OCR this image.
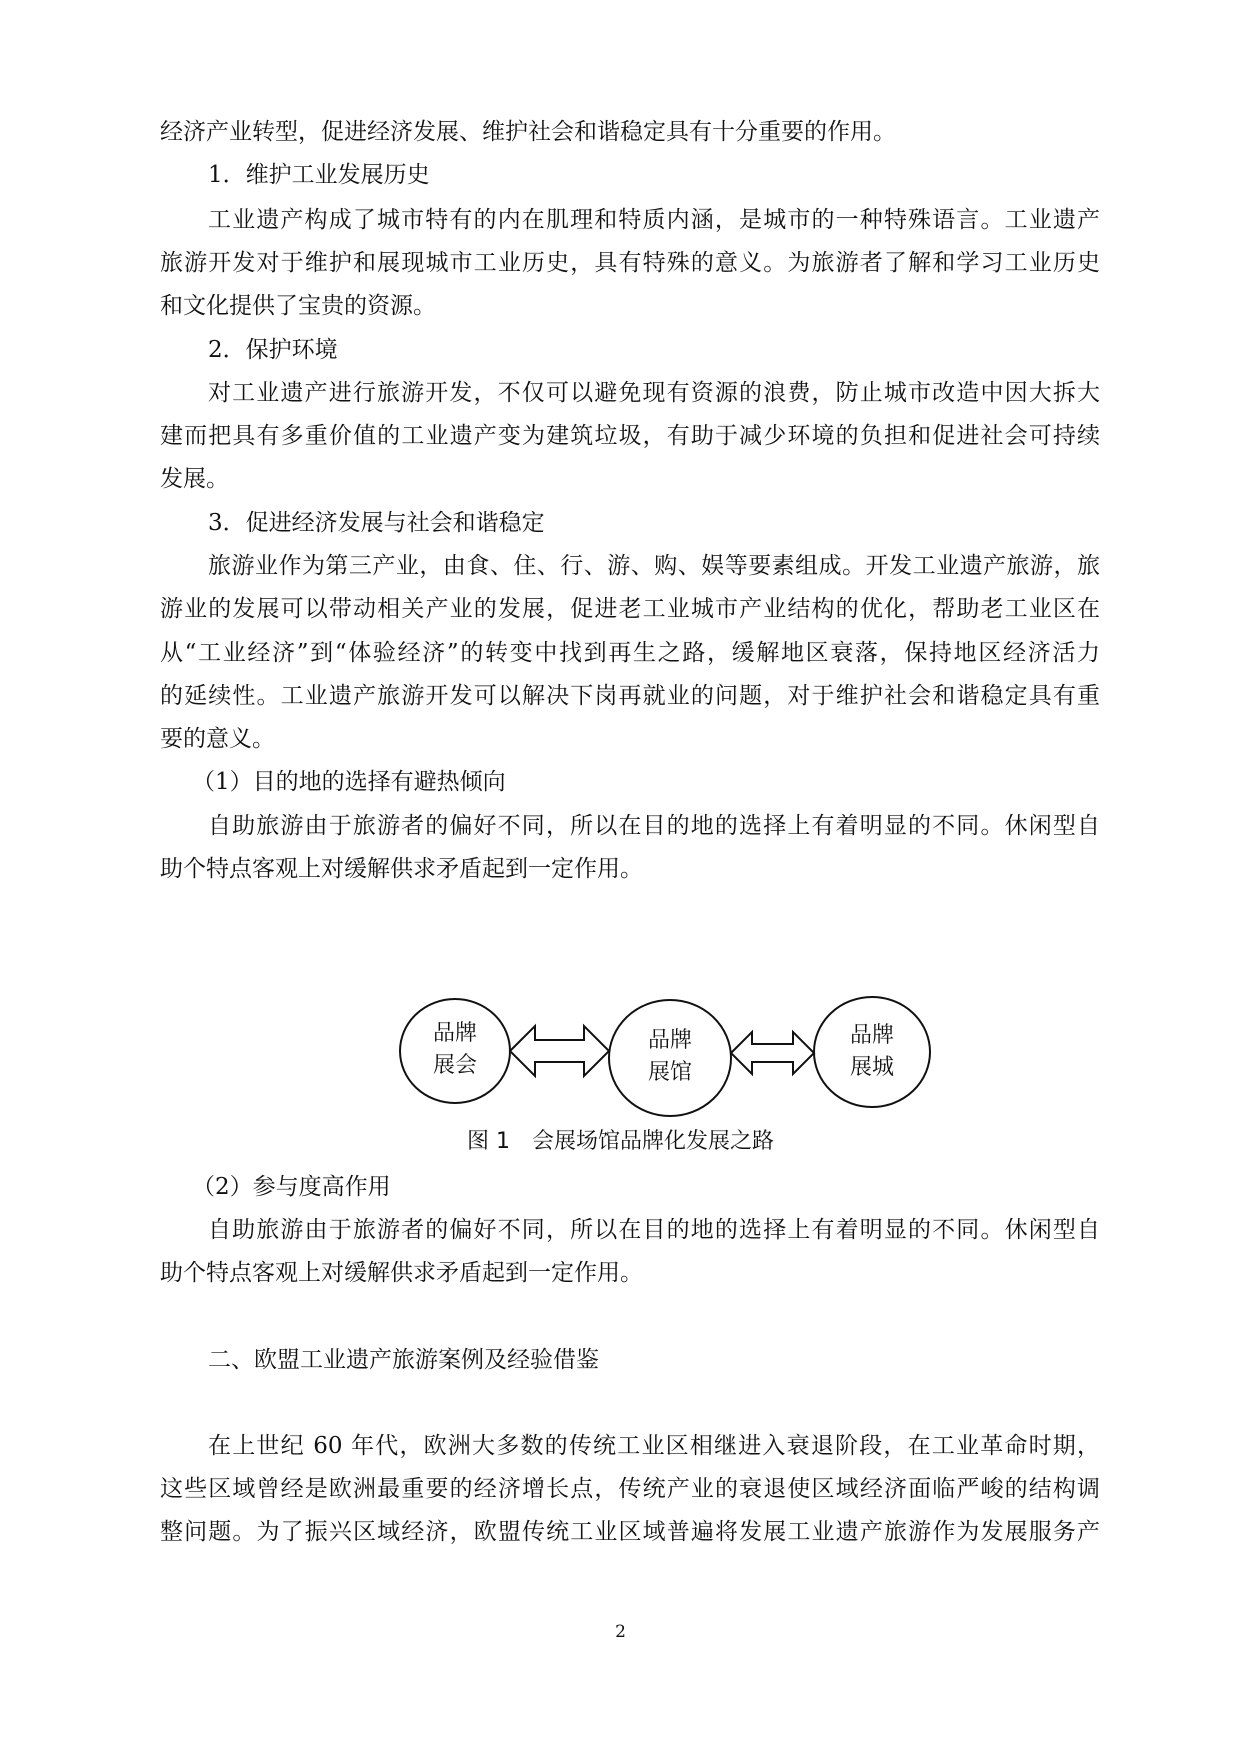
经济产业转型，促进经济发展、维护社会和谐稳定具有十分重要的作用。
1．维护工业发展历史
工业遗产构成了城市特有的内在肌理和特质内涵，是城市的一种特殊语言。工业遗产
旅游开发对于维护和展现城市工业历史，具有特殊的意义。为旅游者了解和学习工业历史
和文化提供了宝贵的资源。
2．保护环境
对工业遗产进行旅游开发，不仅可以避免现有资源的浪费，防止城市改造中因大拆大
建而把具有多重价值的工业遗产变为建筑垃圾，有助于减少环境的负担和促进社会可持续
发展。
3．促进经济发展与社会和谐稳定
旅游业作为第三产业，由食、住、行、游、购、娱等要素组成。开发工业遗产旅游，旅
游业的发展可以带动相关产业的发展，促进老工业城市产业结构的优化，帮助老工业区在
从“工业经济”到“体验经济”的转变中找到再生之路，缓解地区衰落，保持地区经济活力
的延续性。工业遗产旅游开发可以解决下岗再就业的问题，对于维护社会和谐稳定具有重
要的意义。
（1）目的地的选择有避热倾向
自助旅游由于旅游者的偏好不同，所以在目的地的选择上有着明显的不同。休闲型自
助个特点客观上对缓解供求矛盾起到一定作用。
品牌
展会
品牌
展馆
品牌
展城
图 1　会展场馆品牌化发展之路
（2）参与度高作用
自助旅游由于旅游者的偏好不同，所以在目的地的选择上有着明显的不同。休闲型自
助个特点客观上对缓解供求矛盾起到一定作用。
二、欧盟工业遗产旅游案例及经验借鉴
在上世纪 60 年代，欧洲大多数的传统工业区相继进入衰退阶段，在工业革命时期，
这些区域曾经是欧洲最重要的经济增长点，传统产业的衰退使区域经济面临严峻的结构调
整问题。为了振兴区域经济，欧盟传统工业区域普遍将发展工业遗产旅游作为发展服务产
2
